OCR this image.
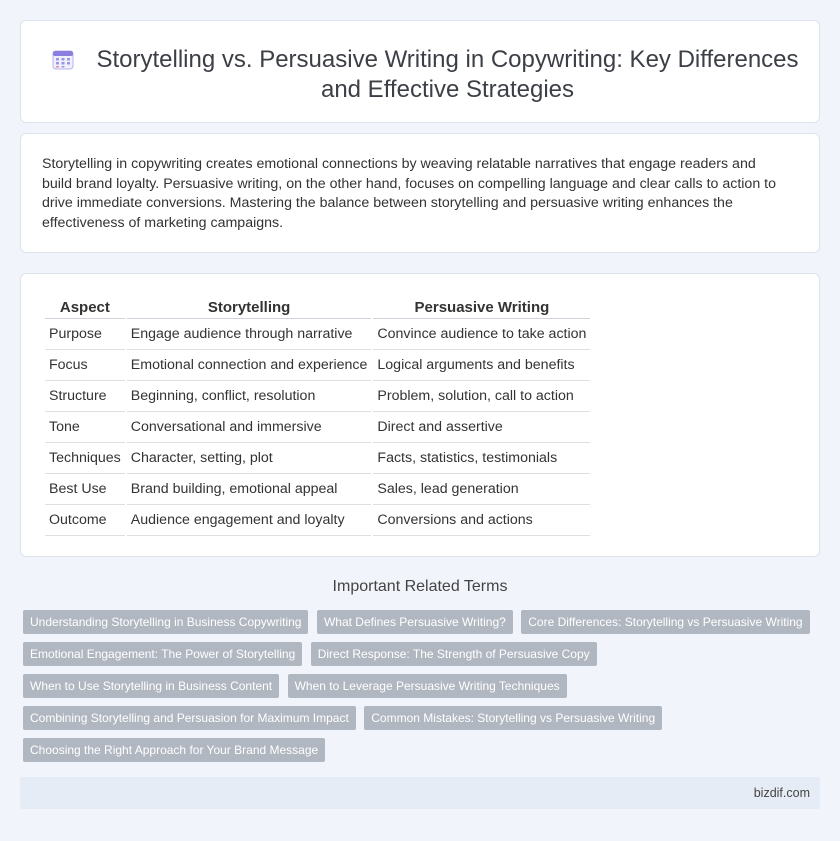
Storytelling vs. Persuasive Writing in Copywriting: Key Differences and Effective Strategies

Storytelling in copywriting creates emotional connections by weaving relatable narratives that engage readers and build brand loyalty. Persuasive writing, on the other hand, focuses on compelling language and clear calls to action to drive immediate conversions. Mastering the balance between storytelling and persuasive writing enhances the effectiveness of marketing campaigns.

Aspect	Storytelling	Persuasive Writing
Purpose	Engage audience through narrative	Convince audience to take action
Focus	Emotional connection and experience	Logical arguments and benefits
Structure	Beginning, conflict, resolution	Problem, solution, call to action
Tone	Conversational and immersive	Direct and assertive
Techniques	Character, setting, plot	Facts, statistics, testimonials
Best Use	Brand building, emotional appeal	Sales, lead generation
Outcome	Audience engagement and loyalty	Conversions and actions
Important Related Terms
Understanding Storytelling in Business Copywriting What Defines Persuasive Writing? Core Differences: Storytelling vs Persuasive Writing
Emotional Engagement: The Power of Storytelling Direct Response: The Strength of Persuasive Copy
When to Use Storytelling in Business Content When to Leverage Persuasive Writing Techniques
Combining Storytelling and Persuasion for Maximum Impact Common Mistakes: Storytelling vs Persuasive Writing
Choosing the Right Approach for Your Brand Message
bizdif.com
